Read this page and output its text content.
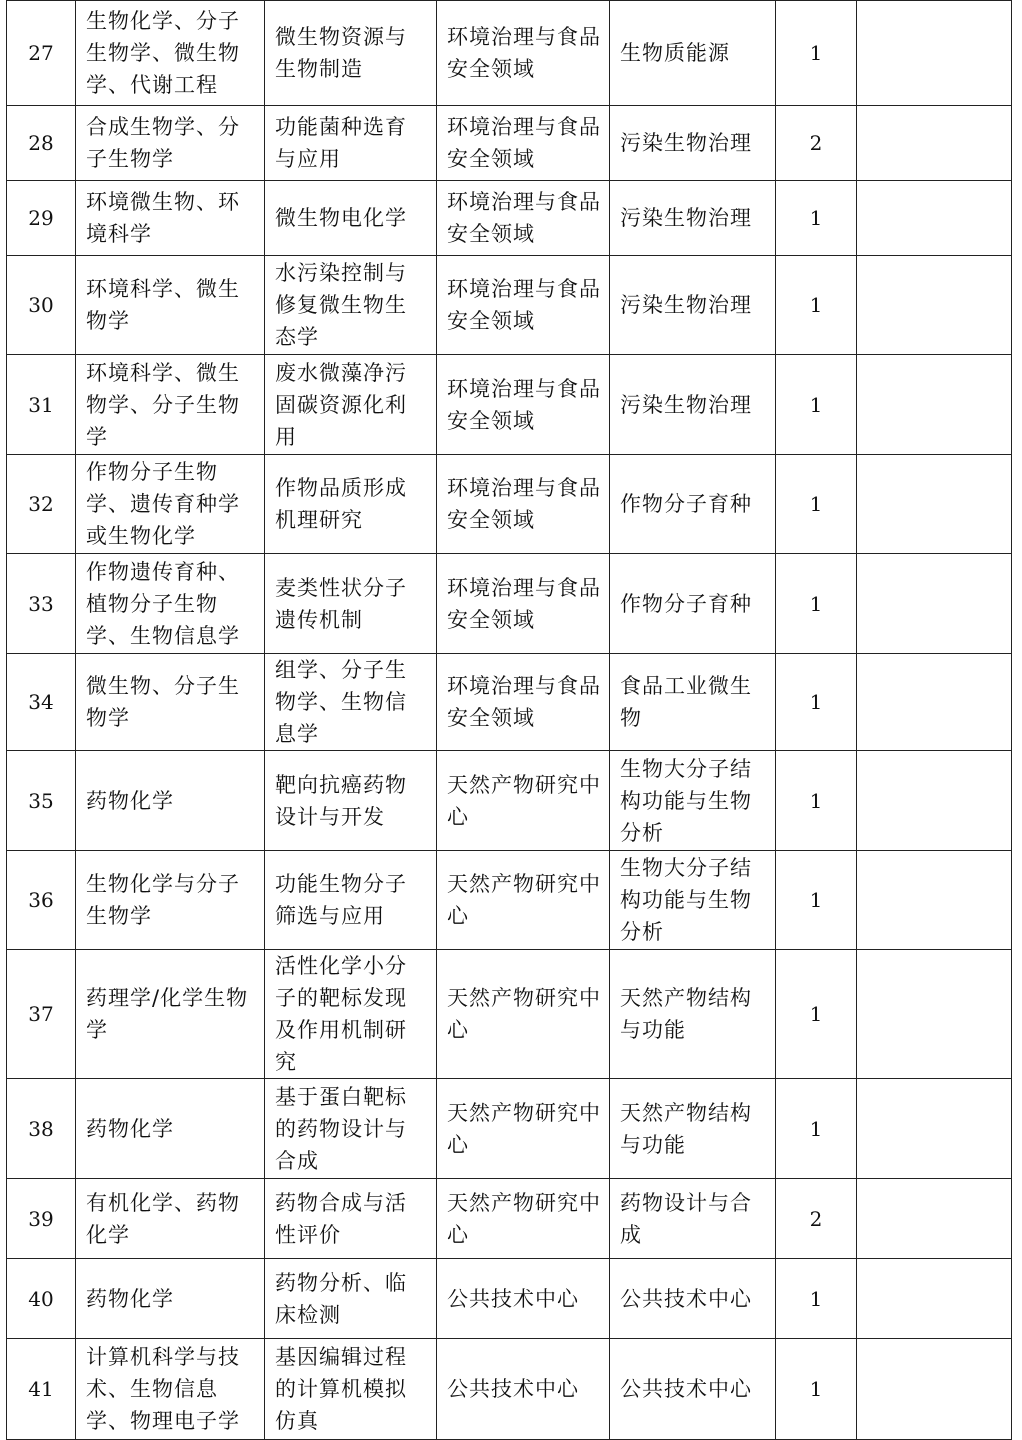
27	生物化学、分子生物学、微生物学、代谢工程	微生物资源与生物制造	环境治理与食品安全领域	生物质能源	1	
28	合成生物学、分子生物学	功能菌种选育与应用	环境治理与食品安全领域	污染生物治理	2	
29	环境微生物、环境科学	微生物电化学	环境治理与食品安全领域	污染生物治理	1	
30	环境科学、微生物学	水污染控制与修复微生物生态学	环境治理与食品安全领域	污染生物治理	1	
31	环境科学、微生物学、分子生物学	废水微藻净污固碳资源化利用	环境治理与食品安全领域	污染生物治理	1	
32	作物分子生物学、遗传育种学或生物化学	作物品质形成机理研究	环境治理与食品安全领域	作物分子育种	1	
33	作物遗传育种、植物分子生物学、生物信息学	麦类性状分子遗传机制	环境治理与食品安全领域	作物分子育种	1	
34	微生物、分子生物学	组学、分子生物学、生物信息学	环境治理与食品安全领域	食品工业微生物	1	
35	药物化学	靶向抗癌药物设计与开发	天然产物研究中心	生物大分子结构功能与生物分析	1	
36	生物化学与分子生物学	功能生物分子筛选与应用	天然产物研究中心	生物大分子结构功能与生物分析	1	
37	药理学/化学生物学	活性化学小分子的靶标发现及作用机制研究	天然产物研究中心	天然产物结构与功能	1	
38	药物化学	基于蛋白靶标的药物设计与合成	天然产物研究中心	天然产物结构与功能	1	
39	有机化学、药物化学	药物合成与活性评价	天然产物研究中心	药物设计与合成	2	
40	药物化学	药物分析、临床检测	公共技术中心	公共技术中心	1	
41	计算机科学与技术、生物信息学、物理电子学	基因编辑过程的计算机模拟仿真	公共技术中心	公共技术中心	1	
